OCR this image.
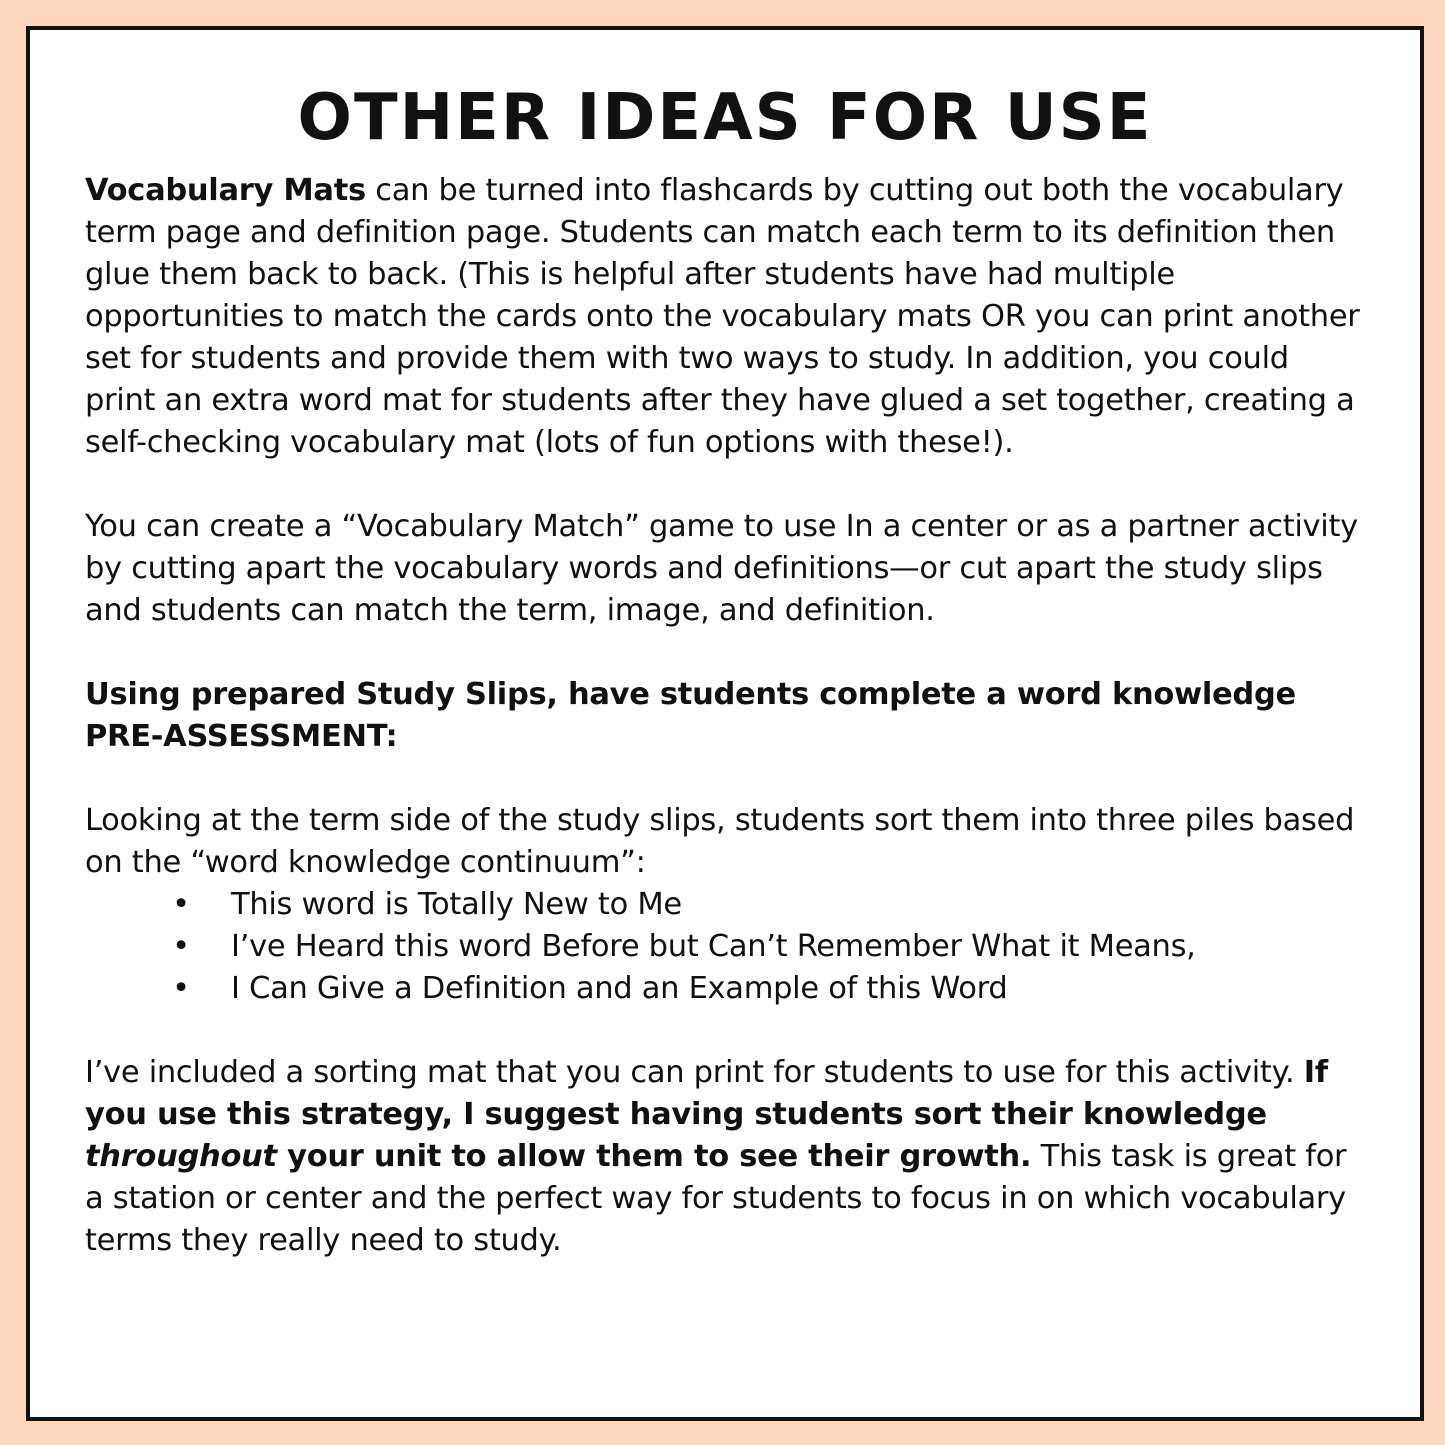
OTHER IDEAS FOR USE

Vocabulary Mats can be turned into flashcards by cutting out both the vocabulary term page and definition page. Students can match each term to its definition then glue them back to back. (This is helpful after students have had multiple opportunities to match the cards onto the vocabulary mats OR you can print another set for students and provide them with two ways to study. In addition, you could print an extra word mat for students after they have glued a set together, creating a self-checking vocabulary mat (lots of fun options with these!).

You can create a “Vocabulary Match” game to use In a center or as a partner activity by cutting apart the vocabulary words and definitions—or cut apart the study slips and students can match the term, image, and definition.

Using prepared Study Slips, have students complete a word knowledge PRE-ASSESSMENT:

Looking at the term side of the study slips, students sort them into three piles based on the “word knowledge continuum”:

• This word is Totally New to Me
• I’ve Heard this word Before but Can’t Remember What it Means,
• I Can Give a Definition and an Example of this Word

I’ve included a sorting mat that you can print for students to use for this activity. If you use this strategy, I suggest having students sort their knowledge throughout your unit to allow them to see their growth. This task is great for a station or center and the perfect way for students to focus in on which vocabulary terms they really need to study.
